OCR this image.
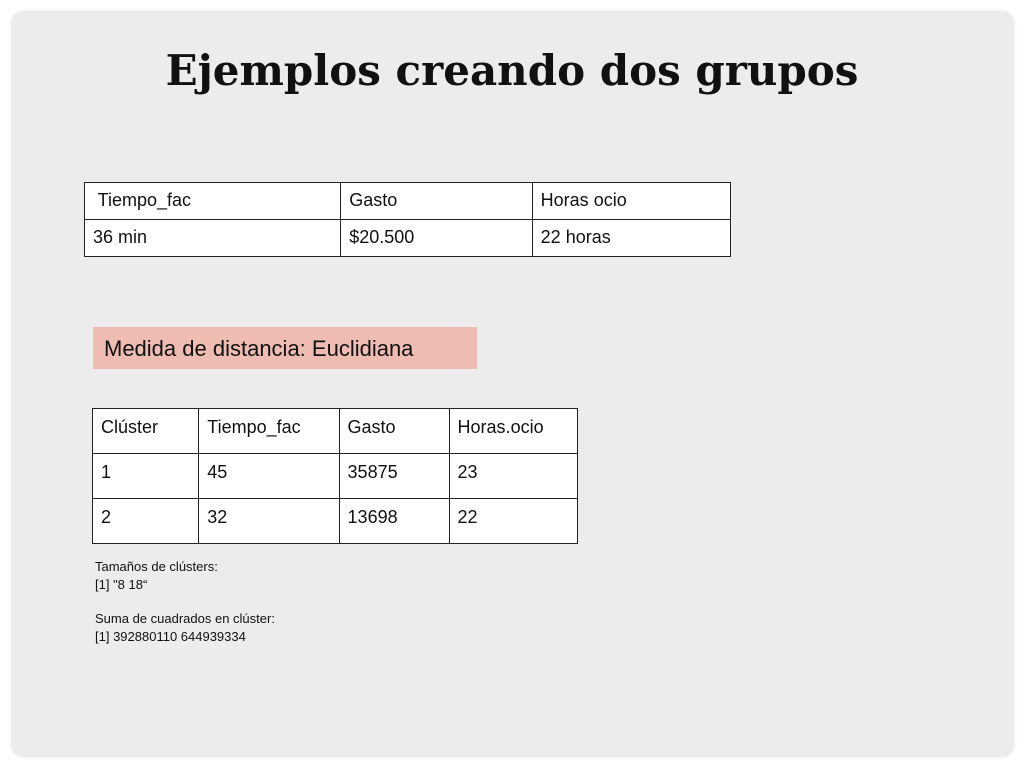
Ejemplos creando dos grupos
Tiempo_fac	Gasto	Horas ocio
36 min	$20.500	22 horas
Medida de distancia: Euclidiana
Clúster	Tiempo_fac	Gasto	Horas.ocio
1	45	35875	23
2	32	13698	22
Tamaños de clústers:
[1] "8 18“
Suma de cuadrados en clúster:
[1] 392880110 644939334
